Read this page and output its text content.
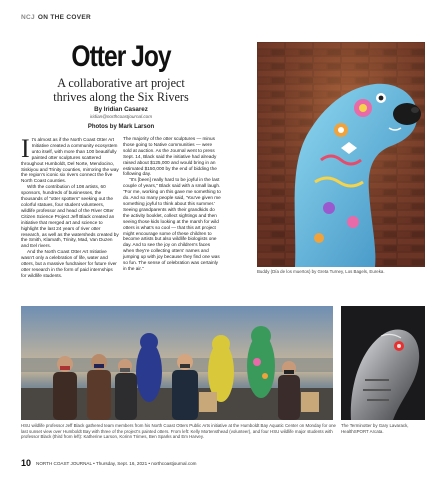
NCJ ON THE COVER
Otter Joy
A collaborative art project
thrives along the Six Rivers
By Iridian Casarez
iridian@northcoastjournal.com
Photos by Mark Larson

It's almost as if the North Coast Otter Art Initiative created a community ecosystem unto itself, with more than 100 beautifully painted otter sculptures scattered throughout Humboldt, Del Norte, Mendocino, Siskiyou and Trinity counties, mirroring the way the region's iconic six rivers connect the five North Coast counties.

With the contribution of 108 artists, 60 sponsors, hundreds of businesses, the thousands of "otter spotters" seeking out the colorful statues, four student volunteers, wildlife professor and head of the River Otter Citizen Science Project Jeff Black created an initiative that merged art and science to highlight the last 24 years of river otter research, as well as the watersheds created by the Smith, Klamath, Trinity, Mad, Van Duzen and Eel rivers.

And the North Coast Otter Art Initiative wasn't only a celebration of life, water and otters, but a massive fundraiser for future river otter research in the form of paid internships for wildlife students.

The majority of the otter sculptures — minus those going to Native communities — were sold at auction. As the Journal went to press Sept. 14, Black said the initiative had already raised about $125,000 and would bring in an estimated $150,000 by the end of bidding the following day.

"It's [been] really hard to be joyful in the last couple of years," Black said with a small laugh. "For me, working on this gave me something to do. And so many people said, 'You've given me something joyful to think about this summer.' Seeing grandparents with their grandkids do the activity booklet, collect sightings and then seeing those kids looking at the marsh for wild otters is what's so cool — that this art project might encourage some of these children to become artists but also wildlife biologists one day. And to see the joy on children's faces when they're collecting otters' names and jumping up with joy because they find one was so fun. The sense of celebration was certainly in the air."

Buddy (Día de los muertos) by Greta Turney, Los Bagels, Eureka.
HSU wildlife professor Jeff Black gathered team members from his North Coast Otters Public Arts initiative at the Humboldt Bay Aquatic Center on Monday for one last sunset view over Humboldt Bay with three of the project's painted otters. From left: Kelly Mortensthead (volunteer), and four HSU wildlife major students with professor Black (third from left): Katherine Larson, Korinn Trimes, Ben Sparks and Em Harvey.
The Terminotter by Gary Lavarack, HealthSPORT Arcata.
10 NORTH COAST JOURNAL • Thursday, Sept. 16, 2021 • northcoastjournal.com
